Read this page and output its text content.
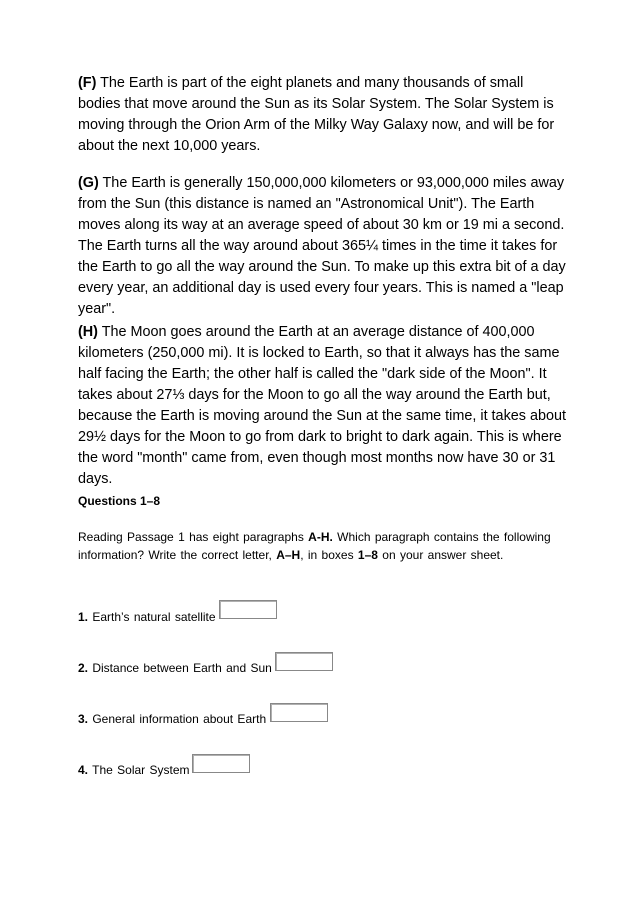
(F) The Earth is part of the eight planets and many thousands of small bodies that move around the Sun as its Solar System. The Solar System is moving through the Orion Arm of the Milky Way Galaxy now, and will be for about the next 10,000 years.

(G) The Earth is generally 150,000,000 kilometers or 93,000,000 miles away from the Sun (this distance is named an "Astronomical Unit"). The Earth moves along its way at an average speed of about 30 km or 19 mi a second. The Earth turns all the way around about 365¼ times in the time it takes for the Earth to go all the way around the Sun. To make up this extra bit of a day every year, an additional day is used every four years. This is named a "leap year".

(H) The Moon goes around the Earth at an average distance of 400,000 kilometers (250,000 mi). It is locked to Earth, so that it always has the same half facing the Earth; the other half is called the "dark side of the Moon". It takes about 27⅓ days for the Moon to go all the way around the Earth but, because the Earth is moving around the Sun at the same time, it takes about 29½ days for the Moon to go from dark to bright to dark again. This is where the word "month" came from, even though most months now have 30 or 31 days.

Questions 1–8

Reading Passage 1 has eight paragraphs A-H. Which paragraph contains the following information? Write the correct letter, A–H, in boxes 1–8 on your answer sheet.

1. Earth’s natural satellite
2. Distance between Earth and Sun
3. General information about Earth
4. The Solar System
